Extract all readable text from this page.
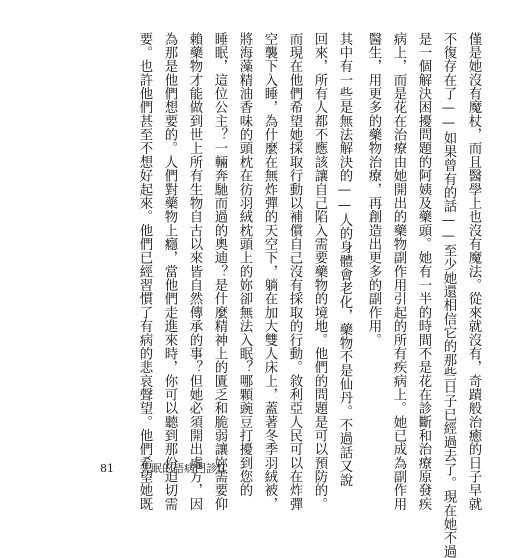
僅是她沒有魔杖，而且醫學上也沒有魔法。從來就沒有，奇蹟般治癒的日子早就
不復存在了——如果曾有的話——至少她還相信它的那些日子已經過去了。現在她不過
是一個解決困擾問題的阿姨及藥頭。她有一半的時間不是花在診斷和治療原發疾
病上，而是花在治療由她開出的藥物副作用引起的所有疾病上。她已成為副作用
醫生，用更多的藥物治療，再創造出更多的副作用。
其中有一些是無法解決的——人的身體會老化，藥物不是仙丹。不過話又說
回來，所有人都不應該讓自己陷入需要藥物的境地。他們的問題是可以預防的。
而現在他們希望她採取行動以補償自己沒有採取的行動。敘利亞人民可以在炸彈
空襲下入睡，為什麼在無炸彈的天空下，躺在加大雙人床上，蓋著冬季羽絨被，
將海藻精油香味的頭枕在彷羽絨枕頭上的妳卻無法入眠？哪顆豌豆打擾到您的
睡眠，這位公主？一輛奔馳而過的奧迪？是什麼精神上的匱乏和脆弱讓妳需要仰
賴藥物才能做到世上所有生物自古以來皆自然傳承的事？但她必須開出處方，因
為那是他們想要的。人們對藥物上癮，當他們走進來時，你可以聽到那份迫切需
要。也許他們甚至不想好起來。他們已經習慣了有病的悲哀聲望。他們希望她既
81 失眠的語病門診II
